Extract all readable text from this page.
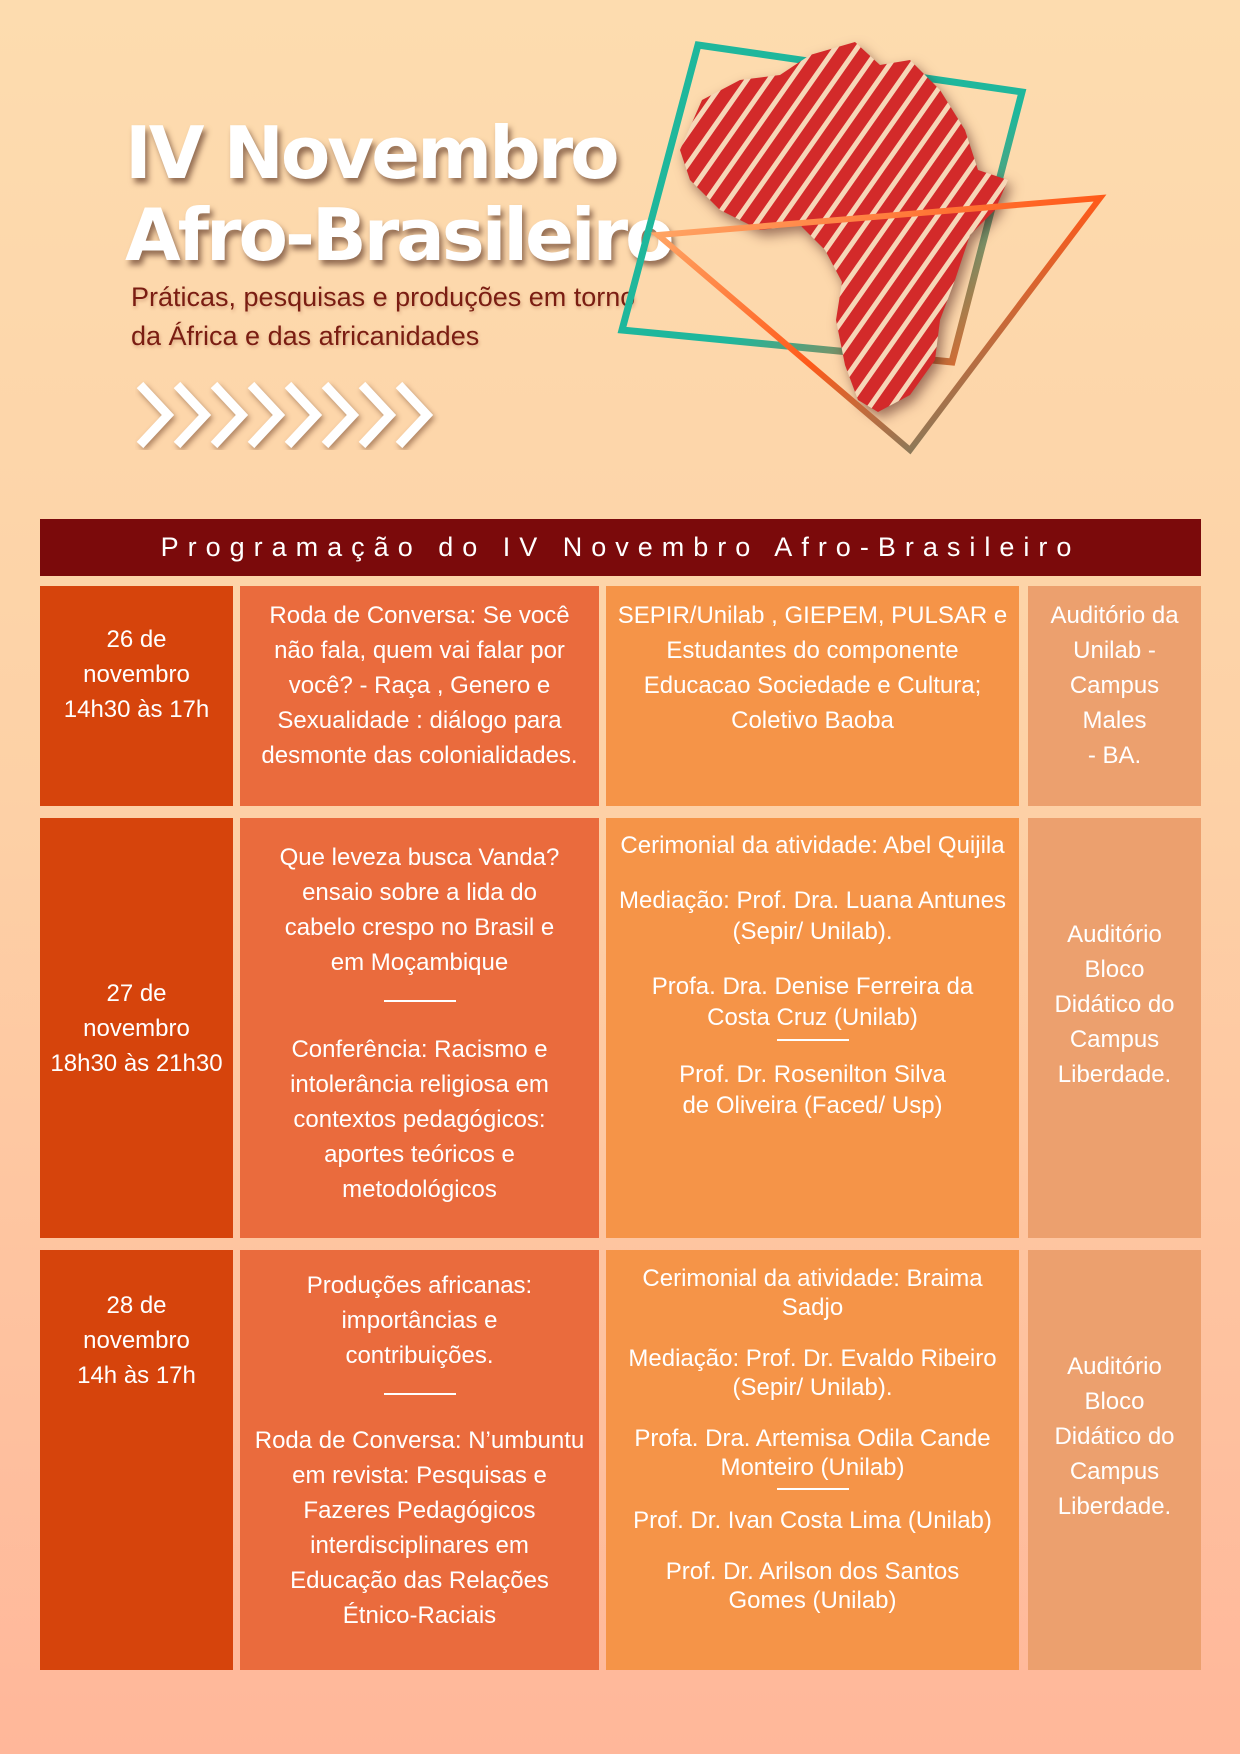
IV Novembro
Afro-Brasileiro
Práticas, pesquisas e produções em torno
da África e das africanidades
Programação do IV Novembro Afro-Brasileiro
26 de novembro
14h30 às 17h
Roda de Conversa: Se você
não fala, quem vai falar por
você? - Raça , Genero e
Sexualidade : diálogo para
desmonte das colonialidades.
SEPIR/Unilab , GIEPEM, PULSAR e
Estudantes do componente
Educacao Sociedade e Cultura;
Coletivo Baoba
Auditório da
Unilab -
Campus Males
- BA.
27 de novembro
18h30 às 21h30
Que leveza busca Vanda?
ensaio sobre a lida do
cabelo crespo no Brasil e
em Moçambique
Conferência: Racismo e
intolerância religiosa em
contextos pedagógicos:
aportes teóricos e
metodológicos
Cerimonial da atividade: Abel Quijila
Mediação: Prof. Dra. Luana Antunes
(Sepir/ Unilab).
Profa. Dra. Denise Ferreira da
Costa Cruz (Unilab)
Prof. Dr. Rosenilton Silva
de Oliveira (Faced/ Usp)
Auditório Bloco
Didático do
Campus
Liberdade.
28 de novembro
14h às 17h
Produções africanas:
importâncias e
contribuições.
Roda de Conversa: N’umbuntu
em revista: Pesquisas e
Fazeres Pedagógicos
interdisciplinares em
Educação das Relações
Étnico-Raciais
Cerimonial da atividade: Braima Sadjo
Mediação: Prof. Dr. Evaldo Ribeiro
(Sepir/ Unilab).
Profa. Dra. Artemisa Odila Cande
Monteiro (Unilab)
Prof. Dr. Ivan Costa Lima (Unilab)
Prof. Dr. Arilson dos Santos
Gomes (Unilab)
Auditório Bloco
Didático do
Campus
Liberdade.
